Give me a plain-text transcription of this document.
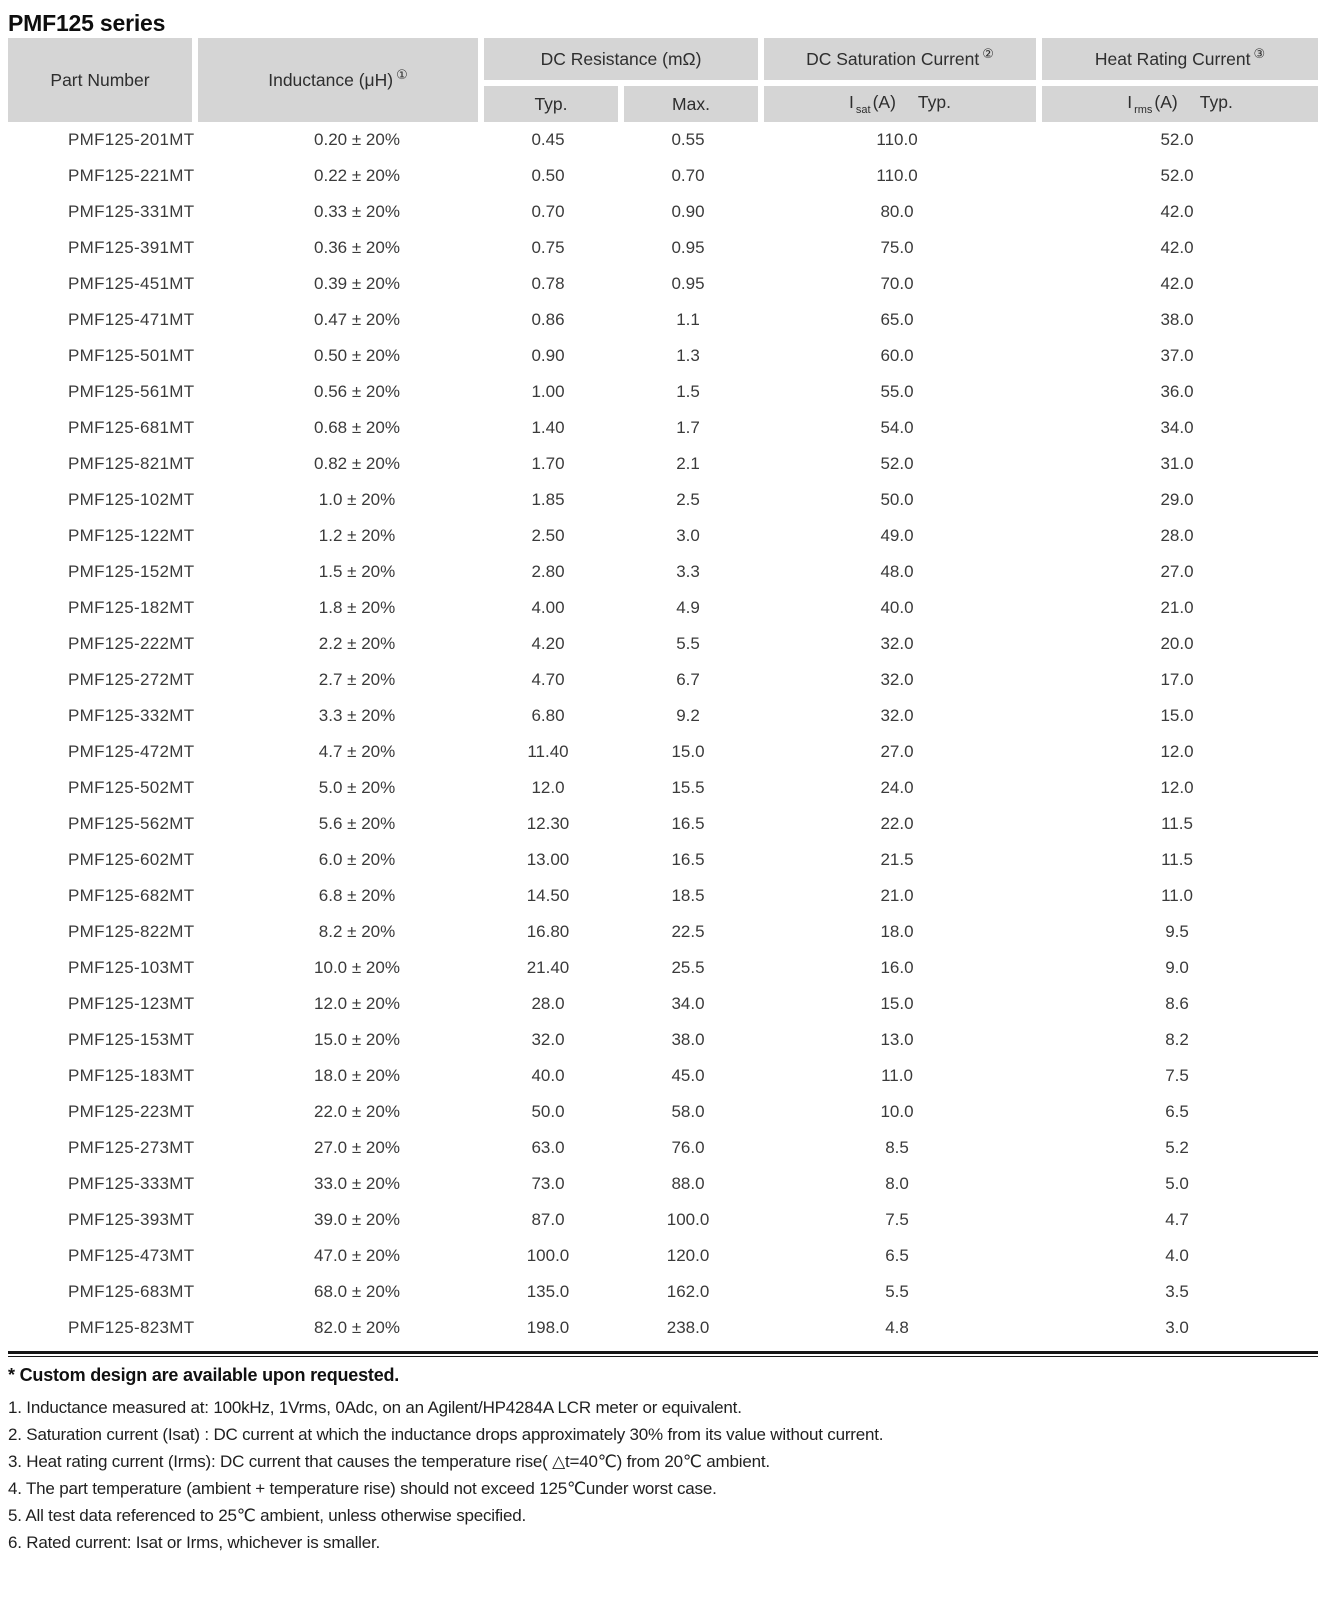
PMF125 series
Part Number	Inductance (μH) ①	DC Resistance (mΩ)		DC Saturation Current ②	Heat Rating Current ③
		Typ.	Max.	I $_{sat}$ (A) Typ.	I $_{rms}$ (A) Typ.
PMF125-201MT	0.20 ± 20%	0.45	0.55	110.0	52.0
PMF125-221MT	0.22 ± 20%	0.50	0.70	110.0	52.0
PMF125-331MT	0.33 ± 20%	0.70	0.90	80.0	42.0
PMF125-391MT	0.36 ± 20%	0.75	0.95	75.0	42.0
PMF125-451MT	0.39 ± 20%	0.78	0.95	70.0	42.0
PMF125-471MT	0.47 ± 20%	0.86	1.1	65.0	38.0
PMF125-501MT	0.50 ± 20%	0.90	1.3	60.0	37.0
PMF125-561MT	0.56 ± 20%	1.00	1.5	55.0	36.0
PMF125-681MT	0.68 ± 20%	1.40	1.7	54.0	34.0
PMF125-821MT	0.82 ± 20%	1.70	2.1	52.0	31.0
PMF125-102MT	1.0 ± 20%	1.85	2.5	50.0	29.0
PMF125-122MT	1.2 ± 20%	2.50	3.0	49.0	28.0
PMF125-152MT	1.5 ± 20%	2.80	3.3	48.0	27.0
PMF125-182MT	1.8 ± 20%	4.00	4.9	40.0	21.0
PMF125-222MT	2.2 ± 20%	4.20	5.5	32.0	20.0
PMF125-272MT	2.7 ± 20%	4.70	6.7	32.0	17.0
PMF125-332MT	3.3 ± 20%	6.80	9.2	32.0	15.0
PMF125-472MT	4.7 ± 20%	11.40	15.0	27.0	12.0
PMF125-502MT	5.0 ± 20%	12.0	15.5	24.0	12.0
PMF125-562MT	5.6 ± 20%	12.30	16.5	22.0	11.5
PMF125-602MT	6.0 ± 20%	13.00	16.5	21.5	11.5
PMF125-682MT	6.8 ± 20%	14.50	18.5	21.0	11.0
PMF125-822MT	8.2 ± 20%	16.80	22.5	18.0	9.5
PMF125-103MT	10.0 ± 20%	21.40	25.5	16.0	9.0
PMF125-123MT	12.0 ± 20%	28.0	34.0	15.0	8.6
PMF125-153MT	15.0 ± 20%	32.0	38.0	13.0	8.2
PMF125-183MT	18.0 ± 20%	40.0	45.0	11.0	7.5
PMF125-223MT	22.0 ± 20%	50.0	58.0	10.0	6.5
PMF125-273MT	27.0 ± 20%	63.0	76.0	8.5	5.2
PMF125-333MT	33.0 ± 20%	73.0	88.0	8.0	5.0
PMF125-393MT	39.0 ± 20%	87.0	100.0	7.5	4.7
PMF125-473MT	47.0 ± 20%	100.0	120.0	6.5	4.0
PMF125-683MT	68.0 ± 20%	135.0	162.0	5.5	3.5
PMF125-823MT	82.0 ± 20%	198.0	238.0	4.8	3.0
* Custom design are available upon requested.
1. Inductance measured at: 100kHz, 1Vrms, 0Adc, on an Agilent/HP4284A LCR meter or equivalent.
2. Saturation current (Isat) : DC current at which the inductance drops approximately 30% from its value without current.
3. Heat rating current (Irms): DC current that causes the temperature rise( △t=40℃) from 20℃ ambient.
4. The part temperature (ambient + temperature rise) should not exceed 125℃under worst case.
5. All test data referenced to 25℃ ambient, unless otherwise specified.
6. Rated current: Isat or Irms, whichever is smaller.
